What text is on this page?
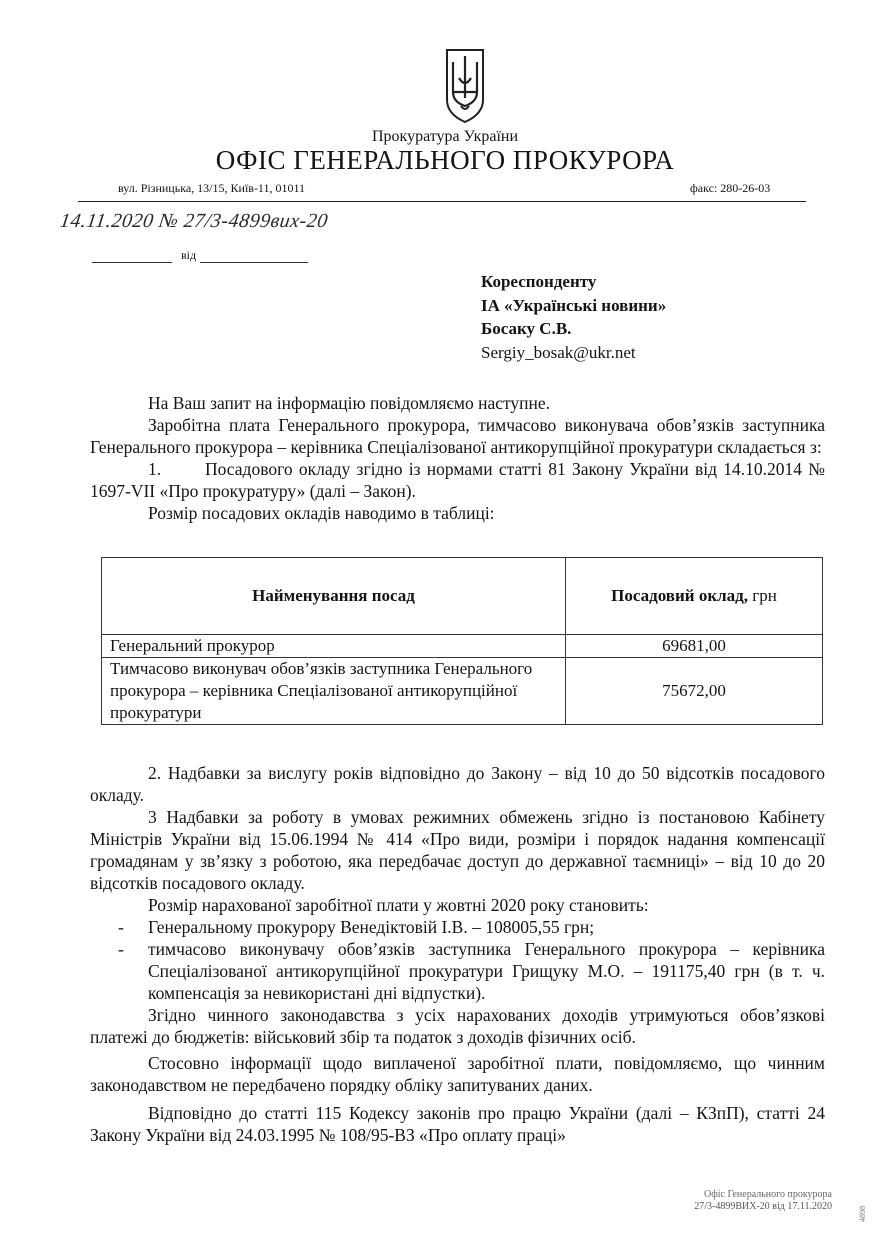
Прокуратура України
ОФІС ГЕНЕРАЛЬНОГО ПРОКУРОРА
вул. Різницька, 13/15, Київ-11, 01011	факс: 280-26-03
14.11.2020 № 27/3-4899вих-20
від
Кореспонденту
ІА «Українські новини»
Босаку С.В.
Sergiy_bosak@ukr.net

На Ваш запит на інформацію повідомляємо наступне.

Заробітна плата Генерального прокурора, тимчасово виконувача обов’язків заступника Генерального прокурора – керівника Спеціалізованої антикорупційної прокуратури складається з:

1.	Посадового окладу згідно із нормами статті 81 Закону України від 14.10.2014 № 1697-VII «Про прокуратуру» (далі – Закон).

Розмір посадових окладів наводимо в таблиці:

Найменування посад	Посадовий оклад, грн
Генеральний прокурор	69681,00
Тимчасово виконувач обов’язків заступника Генерального прокурора – керівника Спеціалізованої антикорупційної прокуратури	75672,00

2. Надбавки за вислугу років відповідно до Закону – від 10 до 50 відсотків посадового окладу.

3 Надбавки за роботу в умовах режимних обмежень згідно із постановою Кабінету Міністрів України від 15.06.1994 № 414 «Про види, розміри і порядок надання компенсації громадянам у зв’язку з роботою, яка передбачає доступ до державної таємниці» – від 10 до 20 відсотків посадового окладу.

Розмір нарахованої заробітної плати у жовтні 2020 року становить:

- Генеральному прокурору Венедіктовій І.В. – 108005,55 грн;

- тимчасово виконувачу обов’язків заступника Генерального прокурора – керівника Спеціалізованої антикорупційної прокуратури Грищуку М.О. – 191175,40 грн (в т. ч. компенсація за невикористані дні відпустки).

Згідно чинного законодавства з усіх нарахованих доходів утримуються обов’язкові платежі до бюджетів: військовий збір та податок з доходів фізичних осіб.

Стосовно інформації щодо виплаченої заробітної плати, повідомляємо, що чинним законодавством не передбачено порядку обліку запитуваних даних.

Відповідно до статті 115 Кодексу законів про працю України (далі – КЗпП), статті 24 Закону України від 24.03.1995 № 108/95-ВЗ «Про оплату праці»

Офіс Генерального прокурора
27/3-4899ВИХ-20 від 17.11.2020	4898
